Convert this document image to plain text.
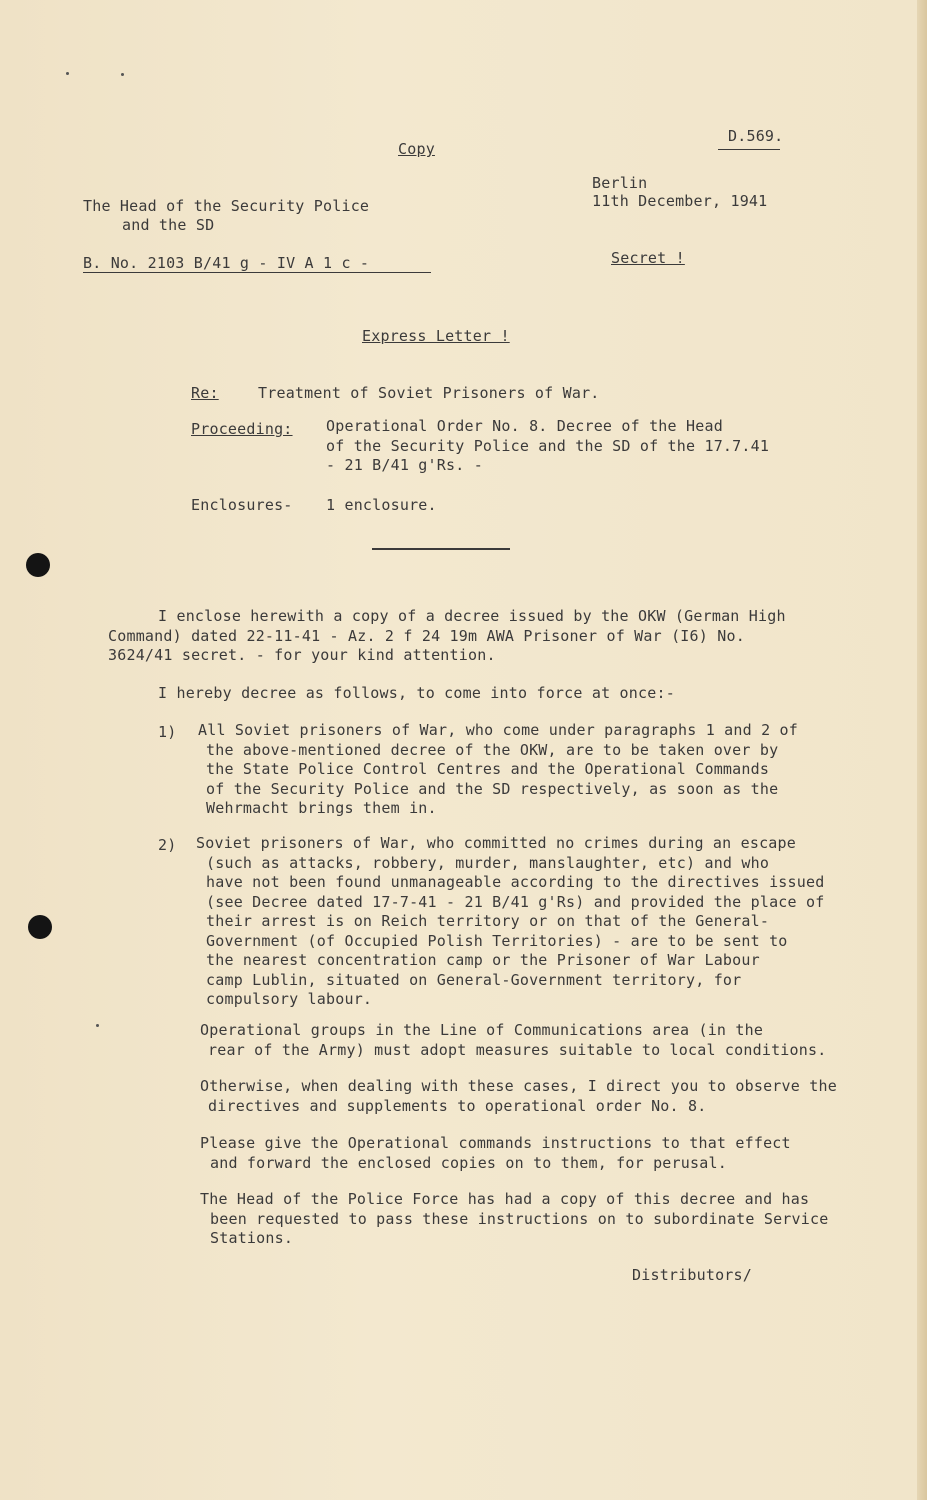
D.569.
Copy
Berlin
11th December, 1941
The Head of the Security Police
and the SD
B. No. 2103 B/41 g - IV A 1 c -	Secret !
Express Letter !
Re:	Treatment of Soviet Prisoners of War.
Proceeding: Operational Order No. 8. Decree of the Head
of the Security Police and the SD of the 17.7.41
- 21 B/41 g'Rs. -
Enclosures- 1 enclosure.
I enclose herewith a copy of a decree issued by the OKW (German High
Command) dated 22-11-41 - Az. 2 f 24 19m AWA Prisoner of War (I6) No.
3624/41 secret. - for your kind attention.
I hereby decree as follows, to come into force at once:-
1) All Soviet prisoners of War, who come under paragraphs 1 and 2 of
the above-mentioned decree of the OKW, are to be taken over by
the State Police Control Centres and the Operational Commands
of the Security Police and the SD respectively, as soon as the
Wehrmacht brings them in.
2) Soviet prisoners of War, who committed no crimes during an escape
(such as attacks, robbery, murder, manslaughter, etc) and who
have not been found unmanageable according to the directives issued
(see Decree dated 17-7-41 - 21 B/41 g'Rs) and provided the place of
their arrest is on Reich territory or on that of the General-
Government (of Occupied Polish Territories) - are to be sent to
the nearest concentration camp or the Prisoner of War Labour
camp Lublin, situated on General-Government territory, for
compulsory labour.
Operational groups in the Line of Communications area (in the
rear of the Army) must adopt measures suitable to local conditions.
Otherwise, when dealing with these cases, I direct you to observe the
directives and supplements to operational order No. 8.
Please give the Operational commands instructions to that effect
and forward the enclosed copies on to them, for perusal.
The Head of the Police Force has had a copy of this decree and has
been requested to pass these instructions on to subordinate Service
Stations.
Distributors/
